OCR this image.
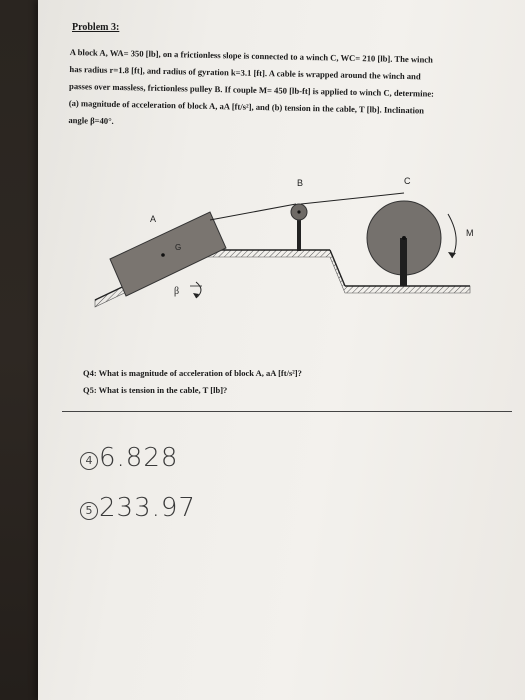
Problem 3:

A block A, WA= 350 [lb], on a frictionless slope is connected to a winch C, WC= 210 [lb]. The winch

has radius r=1.8 [ft], and radius of gyration k=3.1 [ft]. A cable is wrapped around the winch and

passes over massless, frictionless pulley B. If couple M= 450 [lb-ft] is applied to winch C, determine:

(a) magnitude of acceleration of block A, aA [ft/s²], and (b) tension in the cable, T [lb]. Inclination

angle β=40°.

A
B	C
G
M
β
Q4: What is magnitude of acceleration of block A, aA [ft/s²]?
Q5: What is tension in the cable, T [lb]?
4 6.828
5 233.97
